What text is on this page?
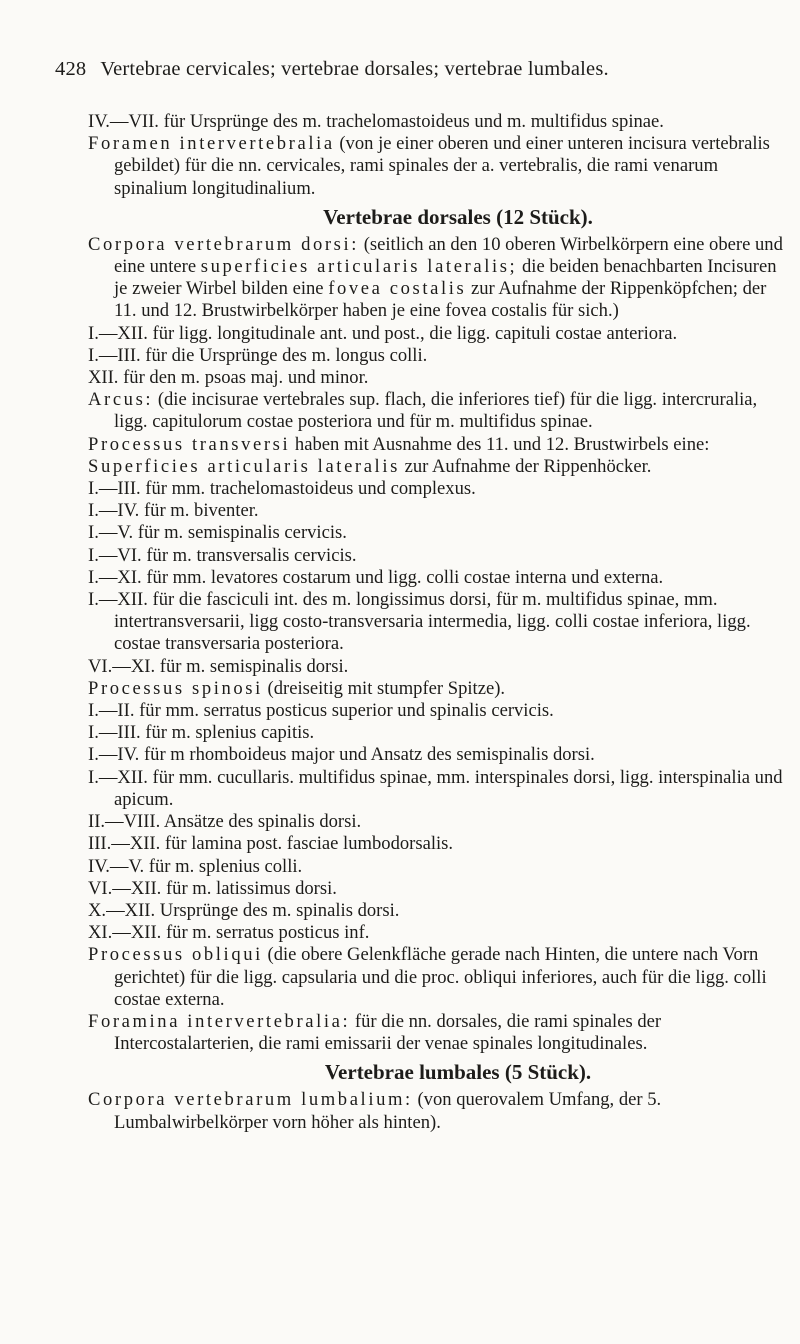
428 Vertebrae cervicales; vertebrae dorsales; vertebrae lumbales.

IV.—VII. für Ursprünge des m. trachelomastoideus und m. multifidus spinae.

Foramen intervertebralia (von je einer oberen und einer unteren incisura vertebralis gebildet) für die nn. cervicales, rami spinales der a. vertebralis, die rami venarum spinalium longitudinalium.

Vertebrae dorsales (12 Stück).

Corpora vertebrarum dorsi: (seitlich an den 10 oberen Wirbelkörpern eine obere und eine untere superficies articularis lateralis; die beiden benachbarten Incisuren je zweier Wirbel bilden eine fovea costalis zur Aufnahme der Rippenköpfchen; der 11. und 12. Brustwirbelkörper haben je eine fovea costalis für sich.)

I.—XII. für ligg. longitudinale ant. und post., die ligg. capituli costae anteriora.

I.—III. für die Ursprünge des m. longus colli.

XII. für den m. psoas maj. und minor.

Arcus: (die incisurae vertebrales sup. flach, die inferiores tief) für die ligg. intercruralia, ligg. capitulorum costae posteriora und für m. multifidus spinae.

Processus transversi haben mit Ausnahme des 11. und 12. Brustwirbels eine:

Superficies articularis lateralis zur Aufnahme der Rippenhöcker.

I.—III. für mm. trachelomastoideus und complexus.

I.—IV. für m. biventer.

I.—V. für m. semispinalis cervicis.

I.—VI. für m. transversalis cervicis.

I.—XI. für mm. levatores costarum und ligg. colli costae interna und externa.

I.—XII. für die fasciculi int. des m. longissimus dorsi, für m. multifidus spinae, mm. intertransversarii, ligg costo-transversaria intermedia, ligg. colli costae inferiora, ligg. costae transversaria posteriora.

VI.—XI. für m. semispinalis dorsi.

Processus spinosi (dreiseitig mit stumpfer Spitze).

I.—II. für mm. serratus posticus superior und spinalis cervicis.

I.—III. für m. splenius capitis.

I.—IV. für m rhomboideus major und Ansatz des semispinalis dorsi.

I.—XII. für mm. cucullaris. multifidus spinae, mm. interspinales dorsi, ligg. interspinalia und apicum.

II.—VIII. Ansätze des spinalis dorsi.

III.—XII. für lamina post. fasciae lumbodorsalis.

IV.—V. für m. splenius colli.

VI.—XII. für m. latissimus dorsi.

X.—XII. Ursprünge des m. spinalis dorsi.

XI.—XII. für m. serratus posticus inf.

Processus obliqui (die obere Gelenkfläche gerade nach Hinten, die untere nach Vorn gerichtet) für die ligg. capsularia und die proc. obliqui inferiores, auch für die ligg. colli costae externa.

Foramina intervertebralia: für die nn. dorsales, die rami spinales der Intercostalarterien, die rami emissarii der venae spinales longitudinales.

Vertebrae lumbales (5 Stück).

Corpora vertebrarum lumbalium: (von querovalem Umfang, der 5. Lumbalwirbelkörper vorn höher als hinten).
